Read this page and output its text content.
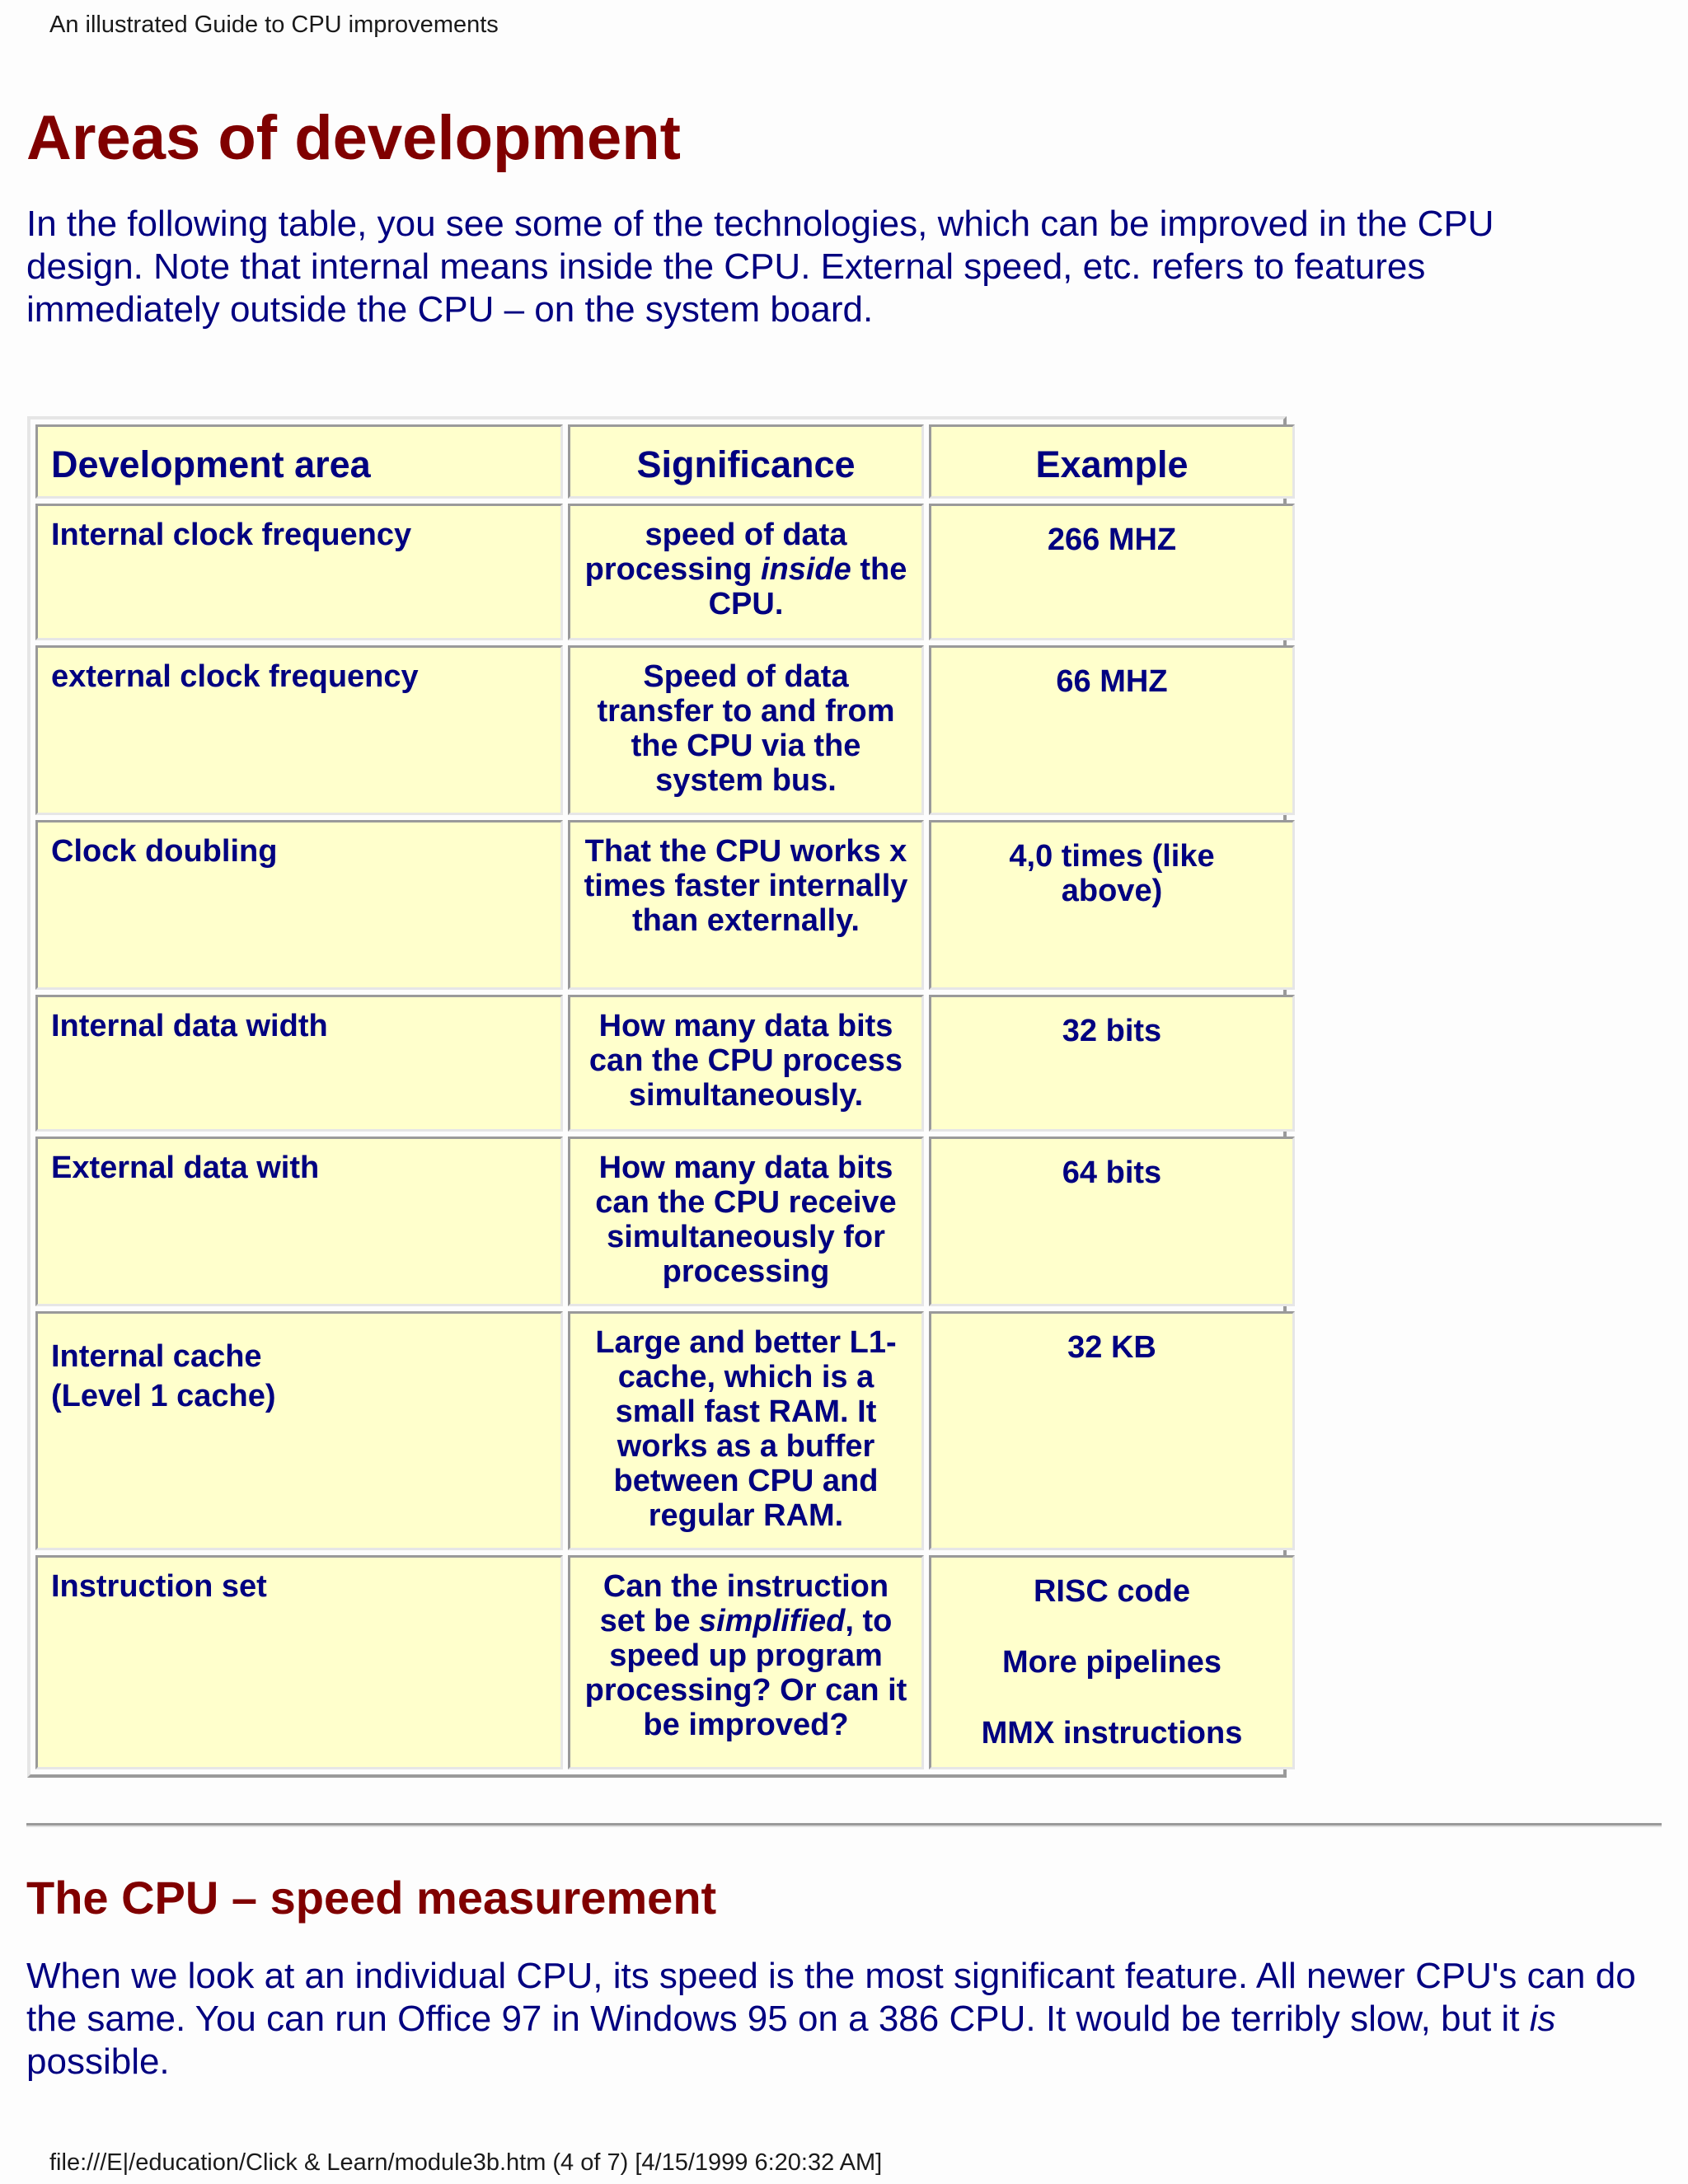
An illustrated Guide to CPU improvements
Areas of development

In the following table, you see some of the technologies, which can be improved in the CPU design. Note that internal means inside the CPU. External speed, etc. refers to features immediately outside the CPU – on the system board.

Development area	Significance	Example
Internal clock frequency	speed of data processing inside the CPU.	266 MHZ

external clock frequency	Speed of data transfer to and from the CPU via the system bus.	66 MHZ

Clock doubling	That the CPU works x times faster internally than externally.	4,0 times (like above)

Internal data width	How many data bits can the CPU process simultaneously.	32 bits

External data with	How many data bits can the CPU receive simultaneously for processing	64 bits

Internal cache (Level 1 cache)	Large and better L1-cache, which is a small fast RAM. It works as a buffer between CPU and regular RAM.	32 KB

Instruction set	Can the instruction set be simplified, to speed up program processing? Or can it be improved?	RISC code
More pipelines
MMX instructions
The CPU – speed measurement

When we look at an individual CPU, its speed is the most significant feature. All newer CPU's can do the same. You can run Office 97 in Windows 95 on a 386 CPU. It would be terribly slow, but it is possible.

file:///E|/education/Click & Learn/module3b.htm (4 of 7) [4/15/1999 6:20:32 AM]
